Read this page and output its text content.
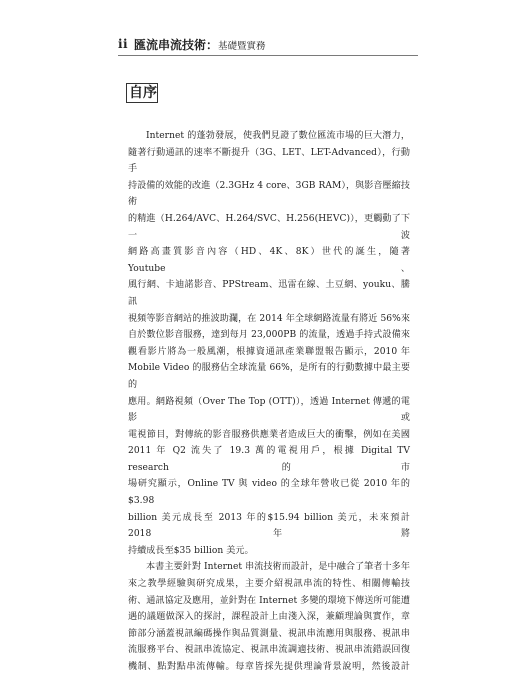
ii 匯流串流技術：基礎暨實務
自 序

Internet 的蓬勃發展，使我們見證了數位匯流市場的巨大潛力，

隨著行動通訊的速率不斷提升（3G、LET、LET-Advanced），行動手

持設備的效能的改進（2.3GHz 4 core、3GB RAM），與影音壓縮技術

的精進（H.264/AVC、H.264/SVC、H.256(HEVC)），更觸動了下一波

網路高畫質影音內容（HD、4K、8K）世代的誕生，隨著 Youtube、

風行網、卡迪諾影音、PPStream、迅雷在線、土豆網、youku、騰訊

視頻等影音網站的推波助瀾，在 2014 年全球網路流量有將近 56%來

自於數位影音服務，達到每月 23,000PB 的流量，透過手持式設備來

觀看影片將為一般風潮，根據資通訊產業聯盟報告顯示，2010 年

Mobile Video 的服務佔全球流量 66%，是所有的行動數據中最主要的

應用。網路視頻（Over The Top (OTT)），透過 Internet 傳遞的電影或

電視節目，對傳統的影音服務供應業者造成巨大的衝擊，例如在美國

2011 年 Q2 流失了 19.3 萬的電視用戶，根據 Digital TV research 的市

場研究顯示，Online TV 與 video 的全球年營收已從 2010 年的$3.98

billion 美元成長至 2013 年的$15.94 billion 美元，未來預計 2018 年將

持續成長至$35 billion 美元。

本書主要針對 Internet 串流技術而設計，是中融合了筆者十多年

來之教學經驗與研究成果，主要介紹視訊串流的特性、相關傳輸技

術、通訊協定及應用，並針對在 Internet 多變的環境下傳送所可能遭

遇的議題做深入的探討，課程設計上由淺入深，兼顧理論與實作，章

節部分涵蓋視訊編碼操作與品質測量、視訊串流應用與服務、視訊串

流服務平台、視訊串流協定、視訊串流調適技術、視訊串流錯誤回復

機制、點對點串流傳輸。每章皆採先提供理論背景說明，然後設計
